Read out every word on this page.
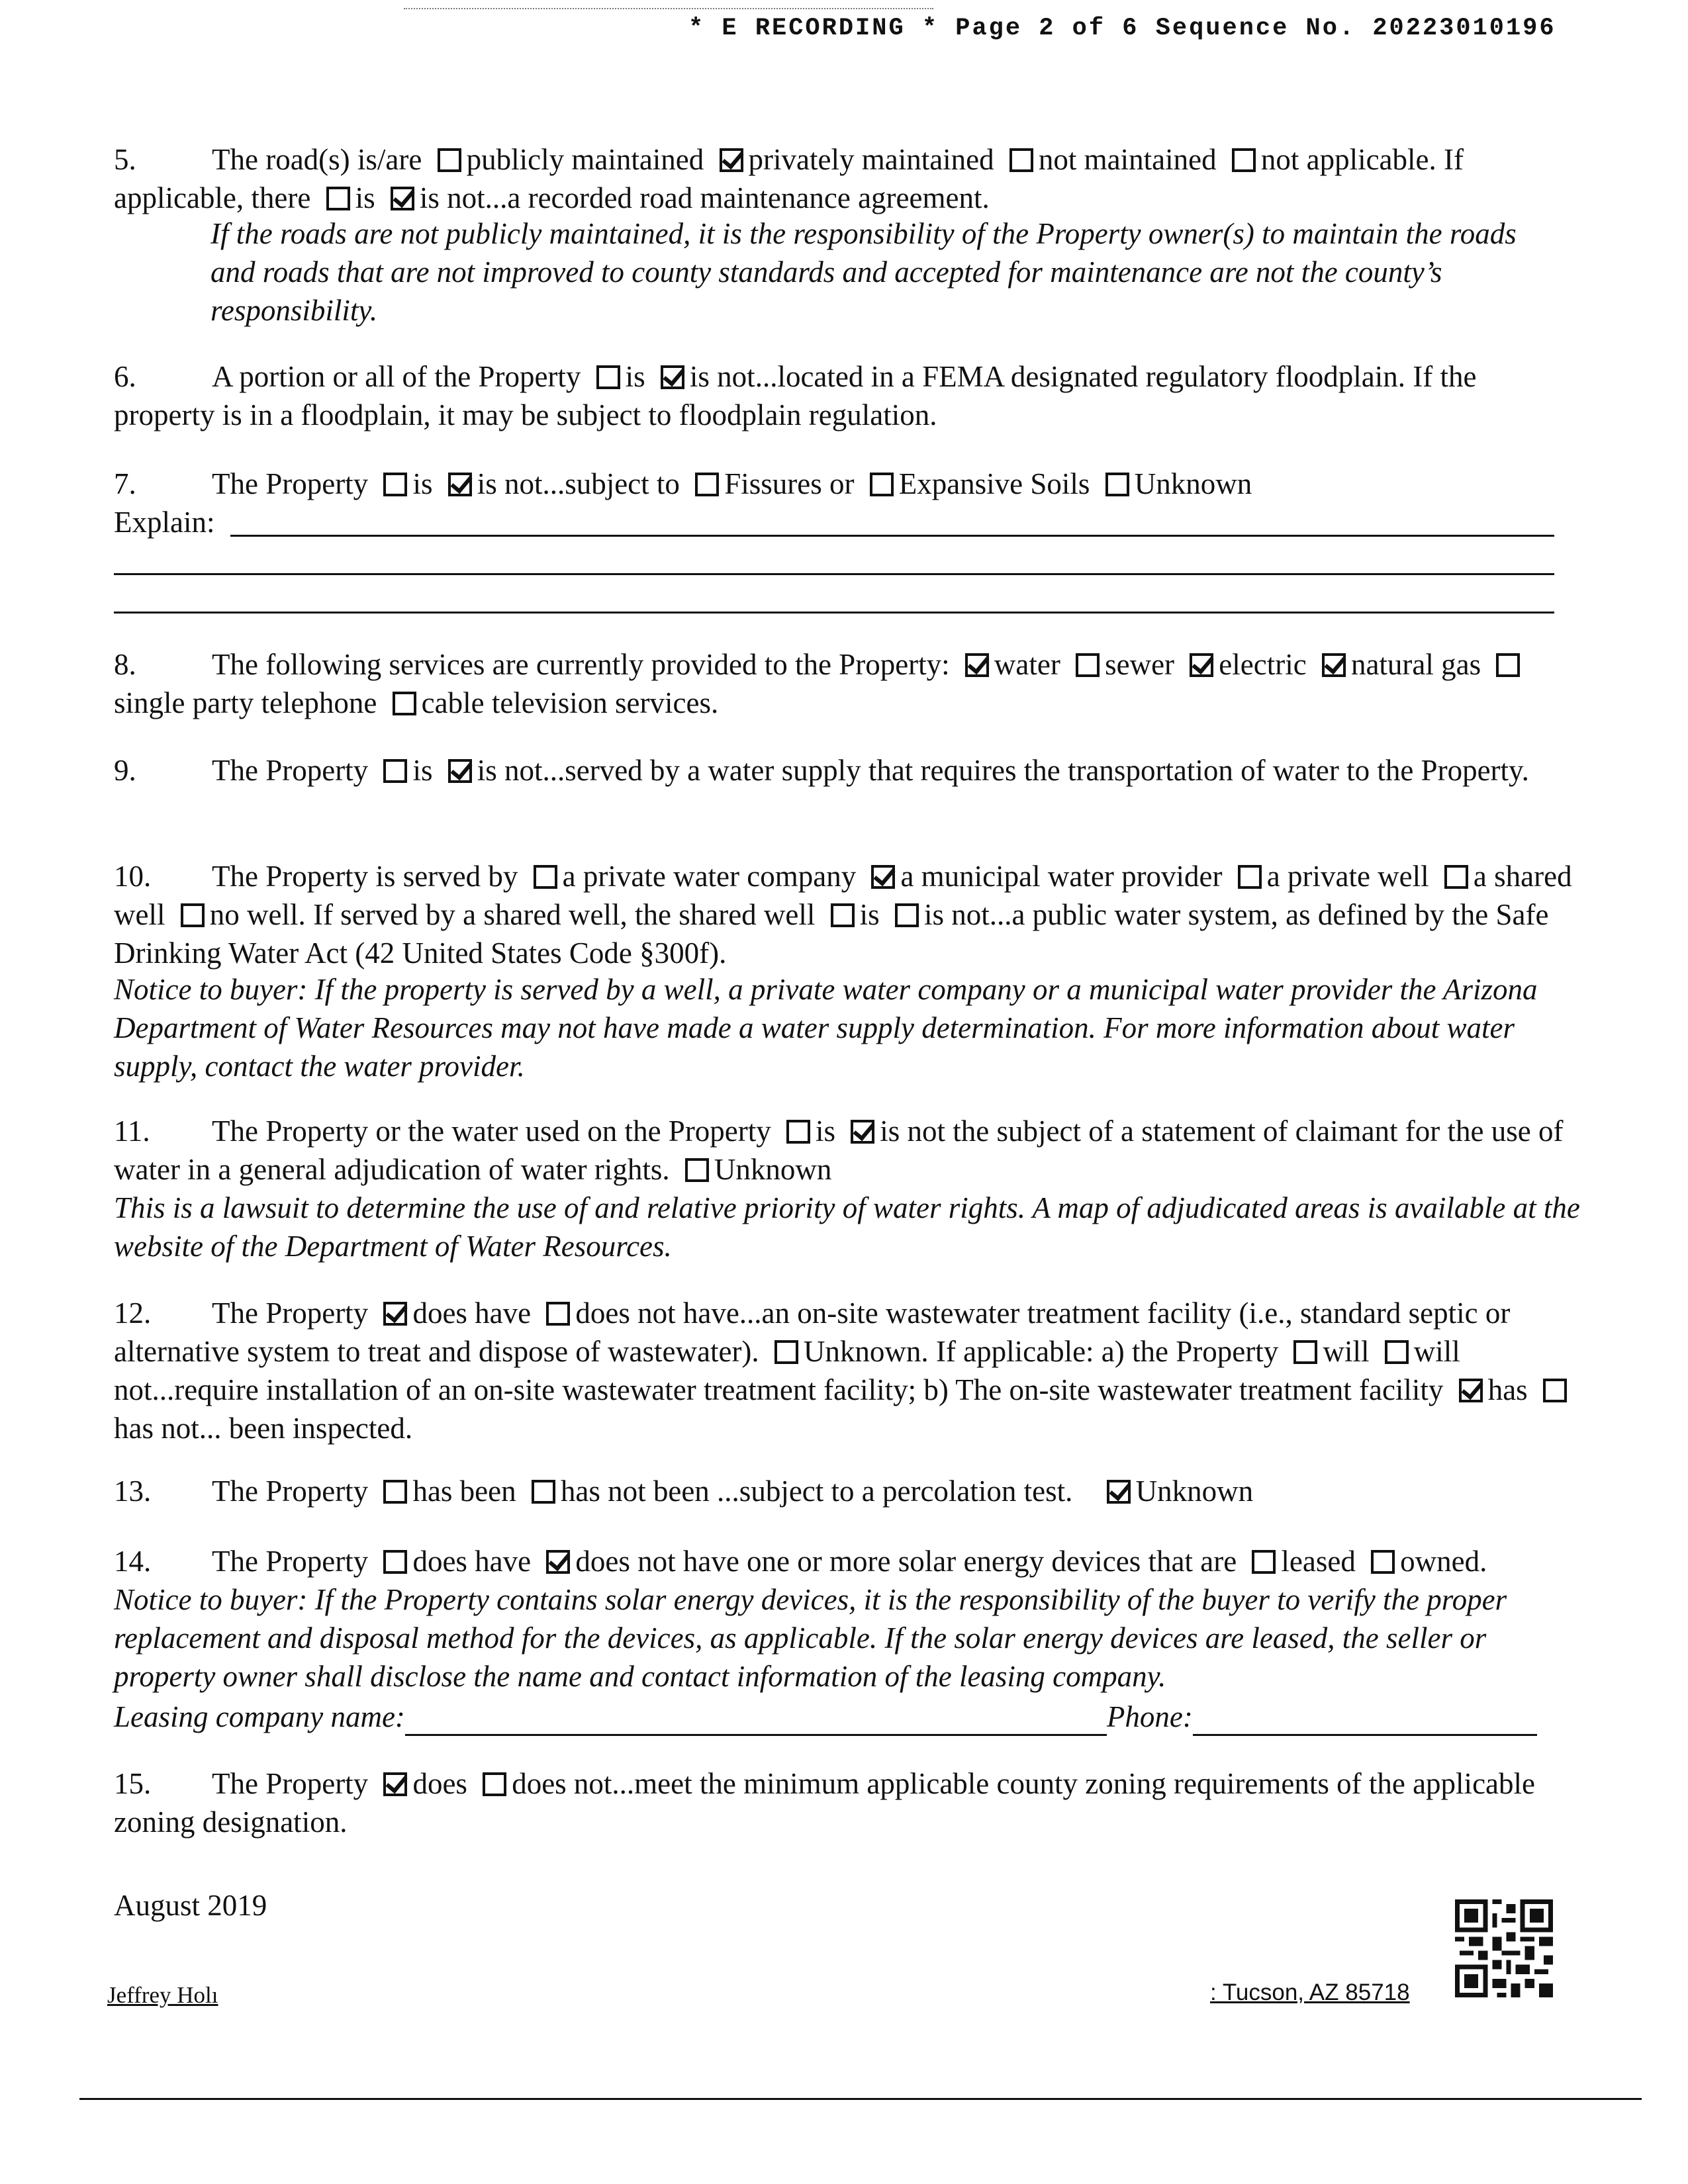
* E RECORDING * Page 2 of 6 Sequence No. 20223010196
5.	The road(s) is/are publicly maintained privately maintained not maintained not applicable. If applicable, there is is not...a recorded road maintenance agreement.
If the roads are not publicly maintained, it is the responsibility of the Property owner(s) to maintain the roads and roads that are not improved to county standards and accepted for maintenance are not the county’s responsibility.
6.	A portion or all of the Property is is not...located in a FEMA designated regulatory floodplain. If the property is in a floodplain, it may be subject to floodplain regulation.
7.	The Property is is not...subject to Fissures or Expansive Soils Unknown
Explain:
8.	The following services are currently provided to the Property: water sewer electric natural gas single party telephone cable television services.
9.	The Property is is not...served by a water supply that requires the transportation of water to the Property.
10. The Property is served by a private water company a municipal water provider a private well a shared well no well. If served by a shared well, the shared well is is not...a public water system, as defined by the Safe Drinking Water Act (42 United States Code §300f).
Notice to buyer: If the property is served by a well, a private water company or a municipal water provider the Arizona Department of Water Resources may not have made a water supply determination. For more information about water supply, contact the water provider.
11. The Property or the water used on the Property is is not the subject of a statement of claimant for the use of water in a general adjudication of water rights. Unknown
This is a lawsuit to determine the use of and relative priority of water rights. A map of adjudicated areas is available at the website of the Department of Water Resources.
12. The Property does have does not have...an on-site wastewater treatment facility (i.e., standard septic or alternative system to treat and dispose of wastewater). Unknown. If applicable: a) the Property will will not...require installation of an on-site wastewater treatment facility; b) The on-site wastewater treatment facility has has not... been inspected.
13. The Property has been has not been ...subject to a percolation test. Unknown
14. The Property does have does not have one or more solar energy devices that are leased owned.
Notice to buyer: If the Property contains solar energy devices, it is the responsibility of the buyer to verify the proper replacement and disposal method for the devices, as applicable. If the solar energy devices are leased, the seller or property owner shall disclose the name and contact information of the leasing company.
Leasing company name:	Phone:
15. The Property does does not...meet the minimum applicable county zoning requirements of the applicable zoning designation.
August 2019
Jeffrey Holı	: Tucson, AZ 85718
